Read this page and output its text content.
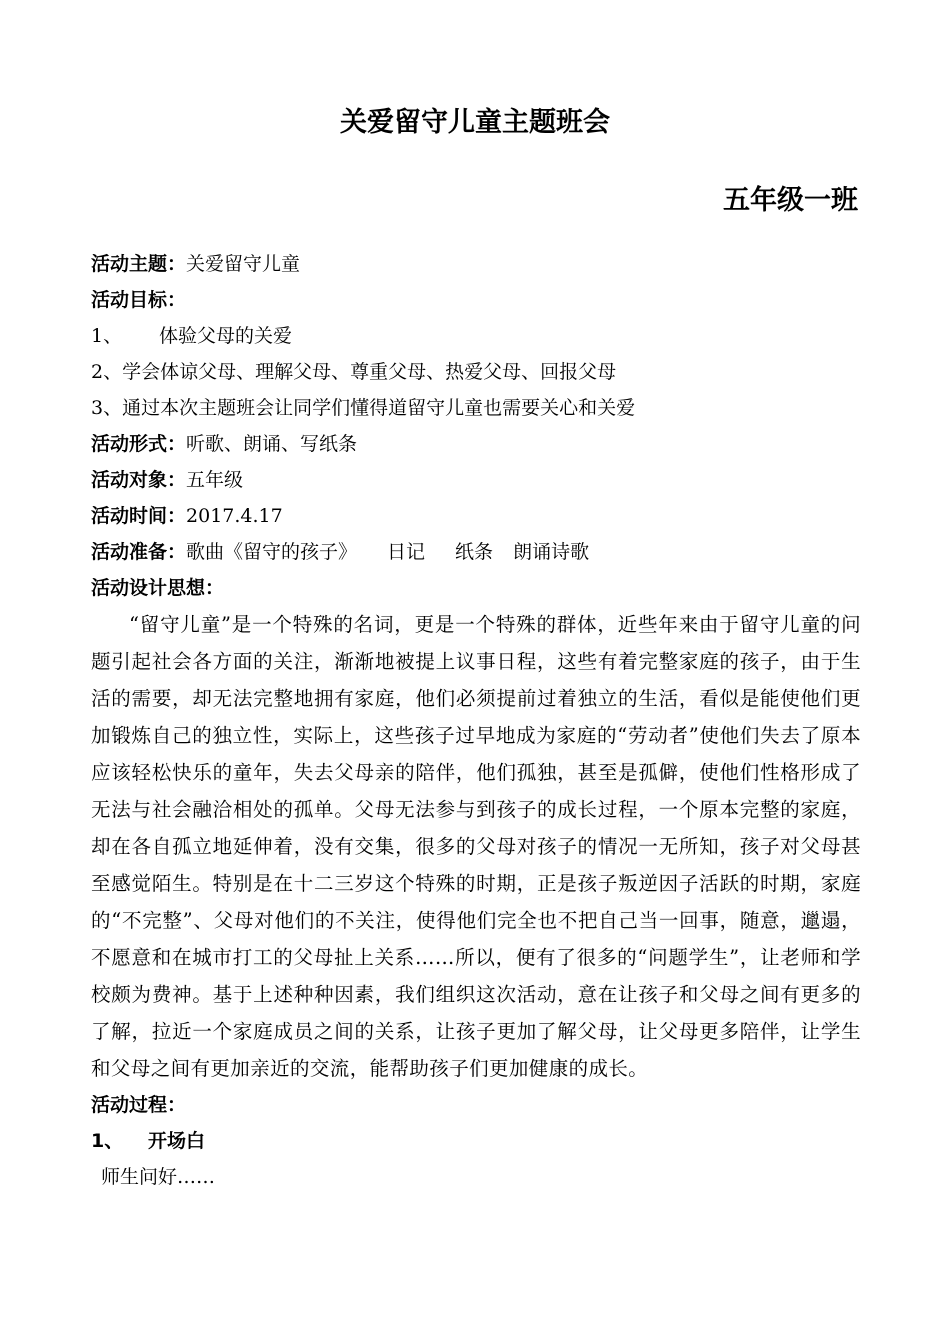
关爱留守儿童主题班会
五年级一班
活动主题：关爱留守儿童
活动目标：
1、 体验父母的关爱
2、学会体谅父母、理解父母、尊重父母、热爱父母、回报父母
3、通过本次主题班会让同学们懂得道留守儿童也需要关心和关爱
活动形式：听歌、朗诵、写纸条
活动对象：五年级
活动时间：2017.4.17
活动准备：歌曲《留守的孩子》 日记 纸条 朗诵诗歌
活动设计思想：
“留守儿童”是一个特殊的名词，更是一个特殊的群体，近些年来由于留守儿童的问题引起社会各方面的关注，渐渐地被提上议事日程，这些有着完整家庭的孩子，由于生活的需要，却无法完整地拥有家庭，他们必须提前过着独立的生活，看似是能使他们更加锻炼自己的独立性，实际上，这些孩子过早地成为家庭的“劳动者”使他们失去了原本应该轻松快乐的童年，失去父母亲的陪伴，他们孤独，甚至是孤僻，使他们性格形成了无法与社会融洽相处的孤单。父母无法参与到孩子的成长过程，一个原本完整的家庭，却在各自孤立地延伸着，没有交集，很多的父母对孩子的情况一无所知，孩子对父母甚至感觉陌生。特别是在十二三岁这个特殊的时期，正是孩子叛逆因子活跃的时期，家庭的“不完整”、父母对他们的不关注，使得他们完全也不把自己当一回事，随意，邋遢，不愿意和在城市打工的父母扯上关系……所以，便有了很多的“问题学生”，让老师和学校颇为费神。基于上述种种因素，我们组织这次活动，意在让孩子和父母之间有更多的了解，拉近一个家庭成员之间的关系，让孩子更加了解父母，让父母更多陪伴，让学生和父母之间有更加亲近的交流，能帮助孩子们更加健康的成长。
活动过程：
1、 开场白
师生问好……
